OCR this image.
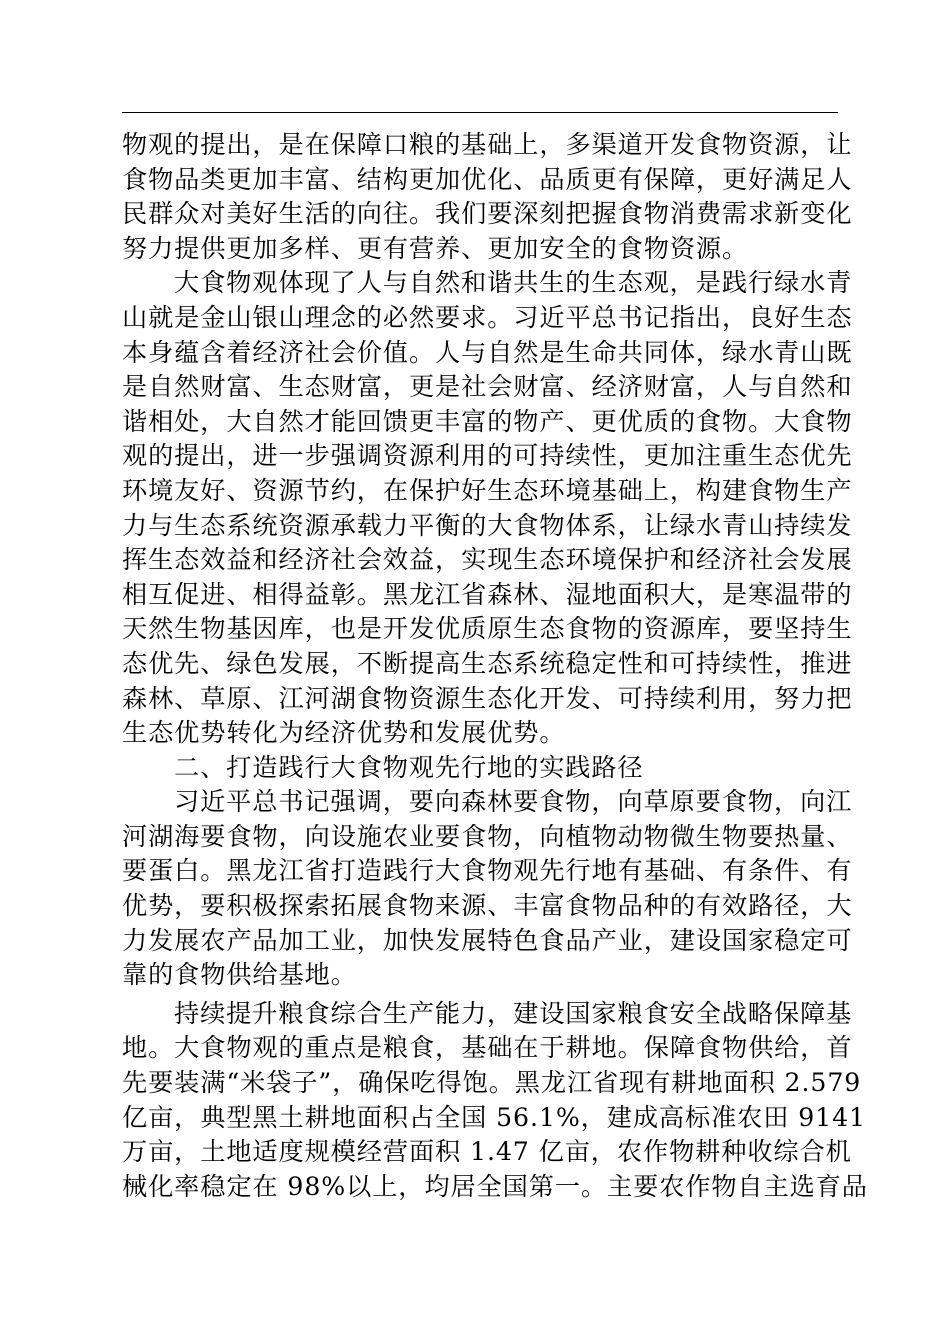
物观的提出，是在保障口粮的基础上，多渠道开发食物资源，让
食物品类更加丰富、结构更加优化、品质更有保障，更好满足人
民群众对美好生活的向往。我们要深刻把握食物消费需求新变化
努力提供更加多样、更有营养、更加安全的食物资源。
大食物观体现了人与自然和谐共生的生态观，是践行绿水青
山就是金山银山理念的必然要求。习近平总书记指出，良好生态
本身蕴含着经济社会价值。人与自然是生命共同体，绿水青山既
是自然财富、生态财富，更是社会财富、经济财富，人与自然和
谐相处，大自然才能回馈更丰富的物产、更优质的食物。大食物
观的提出，进一步强调资源利用的可持续性，更加注重生态优先
环境友好、资源节约，在保护好生态环境基础上，构建食物生产
力与生态系统资源承载力平衡的大食物体系，让绿水青山持续发
挥生态效益和经济社会效益，实现生态环境保护和经济社会发展
相互促进、相得益彰。黑龙江省森林、湿地面积大，是寒温带的
天然生物基因库，也是开发优质原生态食物的资源库，要坚持生
态优先、绿色发展，不断提高生态系统稳定性和可持续性，推进
森林、草原、江河湖食物资源生态化开发、可持续利用，努力把
生态优势转化为经济优势和发展优势。
二、打造践行大食物观先行地的实践路径
习近平总书记强调，要向森林要食物，向草原要食物，向江
河湖海要食物，向设施农业要食物，向植物动物微生物要热量、
要蛋白。黑龙江省打造践行大食物观先行地有基础、有条件、有
优势，要积极探索拓展食物来源、丰富食物品种的有效路径，大
力发展农产品加工业，加快发展特色食品产业，建设国家稳定可
靠的食物供给基地。
持续提升粮食综合生产能力，建设国家粮食安全战略保障基
地。大食物观的重点是粮食，基础在于耕地。保障食物供给，首
先要装满“米袋子”，确保吃得饱。黑龙江省现有耕地面积 2.579
亿亩，典型黑土耕地面积占全国 56.1%，建成高标准农田 9141
万亩，土地适度规模经营面积 1.47 亿亩，农作物耕种收综合机
械化率稳定在 98%以上，均居全国第一。主要农作物自主选育品
